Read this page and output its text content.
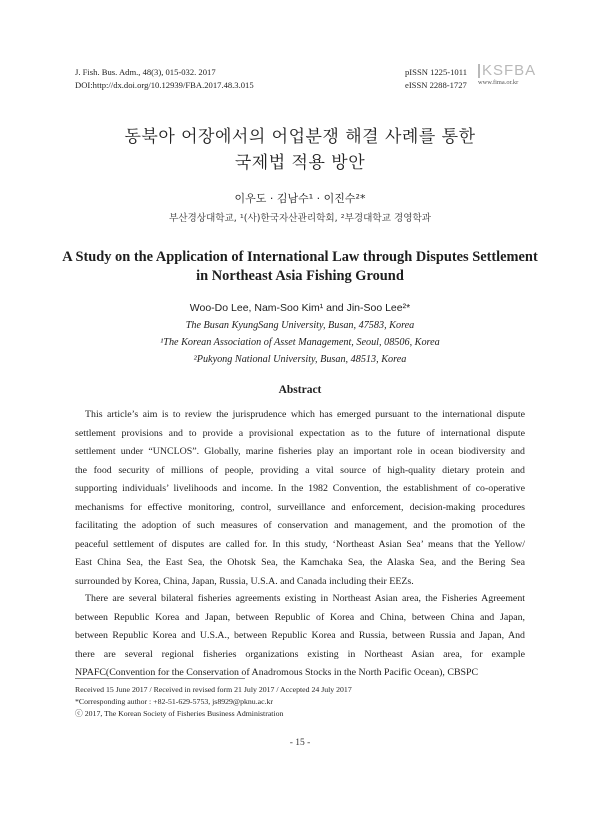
J. Fish. Bus. Adm., 48(3), 015-032. 2017
DOI:http://dx.doi.org/10.12939/FBA.2017.48.3.015
pISSN 1225-1011
eISSN 2288-1727
KSFBA
www.fima.or.kr
동북아 어장에서의 어업분쟁 해결 사례를 통한
국제법 적용 방안
이우도 · 김남수¹ · 이진수²*
부산경상대학교, ¹(사)한국자산관리학회, ²부경대학교 경영학과
A Study on the Application of International Law through Disputes Settlement
in Northeast Asia Fishing Ground
Woo-Do Lee, Nam-Soo Kim¹ and Jin-Soo Lee²*
The Busan KyungSang University, Busan, 47583, Korea
¹The Korean Association of Asset Management, Seoul, 08506, Korea
²Pukyong National University, Busan, 48513, Korea
Abstract
This article’s aim is to review the jurisprudence which has emerged pursuant to the international dispute
settlement provisions and to provide a provisional expectation as to the future of international dispute
settlement under “UNCLOS”. Globally, marine fisheries play an important role in ocean biodiversity and
the food security of millions of people, providing a vital source of high-quality dietary protein and
supporting individuals’ livelihoods and income. In the 1982 Convention, the establishment of co-operative
mechanisms for effective monitoring, control, surveillance and enforcement, decision-making procedures
facilitating the adoption of such measures of conservation and management, and the promotion of the
peaceful settlement of disputes are called for. In this study, ‘Northeast Asian Sea’ means that the Yellow/
East China Sea, the East Sea, the Ohotsk Sea, the Kamchaka Sea, the Alaska Sea, and the Bering Sea
surrounded by Korea, China, Japan, Russia, U.S.A. and Canada including their EEZs.
There are several bilateral fisheries agreements existing in Northeast Asian area, the Fisheries Agreement
between Republic Korea and Japan, between Republic of Korea and China, between China and Japan,
between Republic Korea and U.S.A., between Republic Korea and Russia, between Russia and Japan, And
there are several regional fisheries organizations existing in Northeast Asian area, for example
NPAFC(Convention for the Conservation of Anadromous Stocks in the North Pacific Ocean), CBSPC
Received 15 June 2017 / Received in revised form 21 July 2017 / Accepted 24 July 2017
*Corresponding author : +82-51-629-5753, js8929@pknu.ac.kr
ⓒ 2017, The Korean Society of Fisheries Business Administration
- 15 -
